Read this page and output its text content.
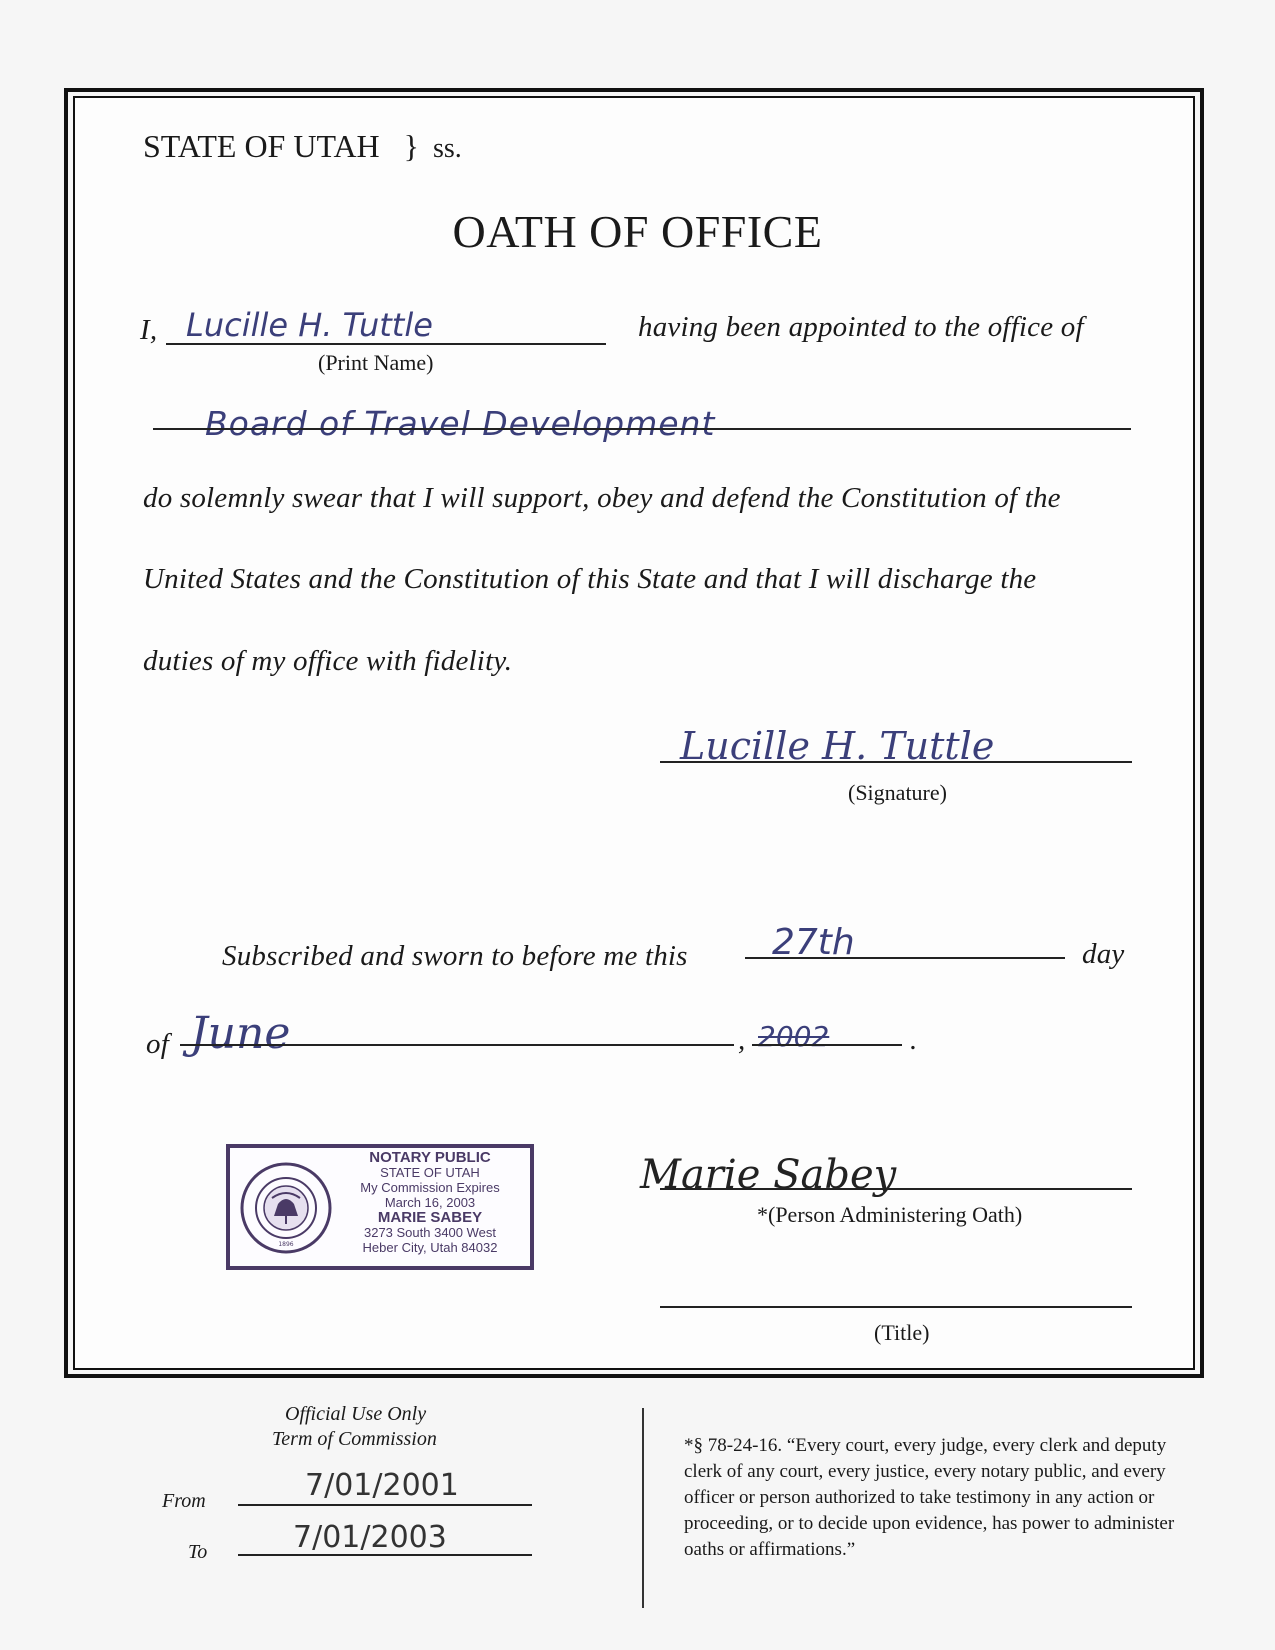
STATE OF UTAH } ss.
OATH OF OFFICE
I, Lucille H. Tuttle	having been appointed to the office of
(Print Name)
Board of Travel Development
do solemnly swear that I will support, obey and defend the Constitution of the
United States and the Constitution of this State and that I will discharge the
duties of my office with fidelity.
Lucille H. Tuttle
(Signature)
Subscribed and sworn to before me this 27th	day
of June	, 2002	.
1896
NOTARY PUBLIC
STATE OF UTAH
My Commission Expires
March 16, 2003
MARIE SABEY
3273 South 3400 West
Heber City, Utah 84032
Marie Sabey
*(Person Administering Oath)
(Title)
Official Use Only
Term of Commission
From	7/01/2001
To	7/01/2003
*§ 78-24-16. “Every court, every judge, every clerk and deputy clerk of any court, every justice, every notary public, and every officer or person authorized to take testimony in any action or proceeding, or to decide upon evidence, has power to administer oaths or affirmations.”
